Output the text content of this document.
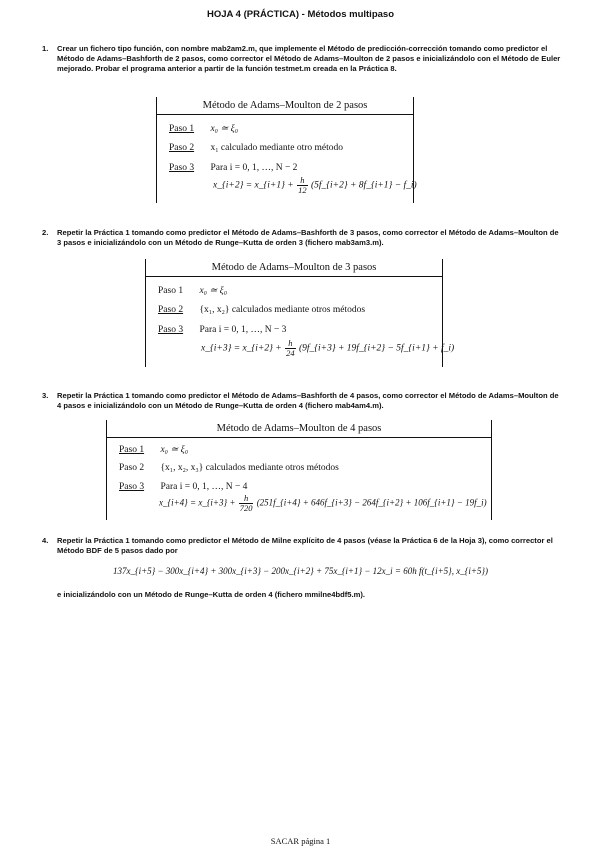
HOJA 4 (PRÁCTICA) - Métodos multipaso
1. Crear un fichero tipo función, con nombre mab2am2.m, que implemente el Método de predicción-corrección tomando como predictor el Método de Adams–Bashforth de 2 pasos, como corrector el Método de Adams–Moulton de 2 pasos e inicializándolo con el Método de Euler mejorado. Probar el programa anterior a partir de la función testmet.m creada en la Práctica 8.
Método de Adams–Moulton de 2 pasos
Paso 1 x₀ ≃ ξ₀
Paso 2 x₁ calculado mediante otro método
Paso 3 Para i = 0, 1, …, N − 2
x_{i+2} = x_{i+1} + $\frac{h}{12}$ (5f_{i+2} + 8f_{i+1} − f_i)
2. Repetir la Práctica 1 tomando como predictor el Método de Adams–Bashforth de 3 pasos, como corrector el Método de Adams–Moulton de 3 pasos e inicializándolo con un Método de Runge–Kutta de orden 3 (fichero mab3am3.m).
Método de Adams–Moulton de 3 pasos
Paso 1 x₀ ≃ ξ₀
Paso 2 {x₁, x₂} calculados mediante otros métodos
Paso 3 Para i = 0, 1, …, N − 3
x_{i+3} = x_{i+2} + $\frac{h}{24}$ (9f_{i+3} + 19f_{i+2} − 5f_{i+1} + f_i)
3. Repetir la Práctica 1 tomando como predictor el Método de Adams–Bashforth de 4 pasos, como corrector el Método de Adams–Moulton de 4 pasos e inicializándolo con un Método de Runge–Kutta de orden 4 (fichero mab4am4.m).
Método de Adams–Moulton de 4 pasos
Paso 1 x₀ ≃ ξ₀
Paso 2 {x₁, x₂, x₃} calculados mediante otros métodos
Paso 3 Para i = 0, 1, …, N − 4
x_{i+4} = x_{i+3} + $\frac{h}{720}$ (251f_{i+4} + 646f_{i+3} − 264f_{i+2} + 106f_{i+1} − 19f_i)
4. Repetir la Práctica 1 tomando como predictor el Método de Milne explícito de 4 pasos (véase la Práctica 6 de la Hoja 3), como corrector el Método BDF de 5 pasos dado por
137x_{i+5} − 300x_{i+4} + 300x_{i+3} − 200x_{i+2} + 75x_{i+1} − 12x_i = 60h f(t_{i+5}, x_{i+5})
e inicializándolo con un Método de Runge–Kutta de orden 4 (fichero mmilne4bdf5.m).
SACAR página 1
